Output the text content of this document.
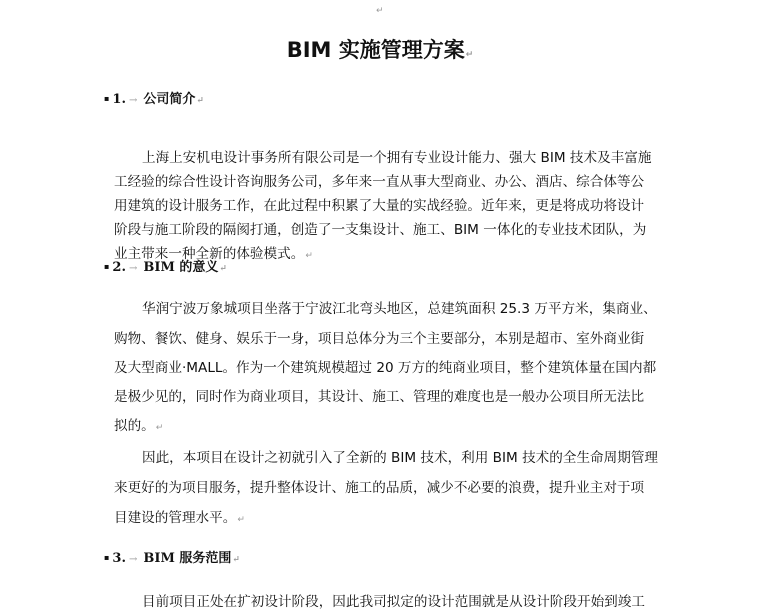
↵
BIM 实施管理方案↵
▪ 1. → 公司简介↵
上海上安机电设计事务所有限公司是一个拥有专业设计能力、强大 BIM 技术及丰富施
工经验的综合性设计咨询服务公司，多年来一直从事大型商业、办公、酒店、综合体等公
用建筑的设计服务工作，在此过程中积累了大量的实战经验。近年来，更是将成功将设计
阶段与施工阶段的隔阂打通，创造了一支集设计、施工、BIM 一体化的专业技术团队，为
业主带来一种全新的体验模式。↵
▪ 2. → BIM 的意义↵
华润宁波万象城项目坐落于宁波江北弯头地区，总建筑面积 25.3 万平方米，集商业、
购物、餐饮、健身、娱乐于一身，项目总体分为三个主要部分，本别是超市、室外商业街
及大型商业·MALL。作为一个建筑规模超过 20 万方的纯商业项目，整个建筑体量在国内都
是极少见的，同时作为商业项目，其设计、施工、管理的难度也是一般办公项目所无法比
拟的。↵
因此，本项目在设计之初就引入了全新的 BIM 技术，利用 BIM 技术的全生命周期管理
来更好的为项目服务，提升整体设计、施工的品质，减少不必要的浪费，提升业主对于项
目建设的管理水平。↵
▪ 3. → BIM 服务范围↵
目前项目正处在扩初设计阶段，因此我司拟定的设计范围就是从设计阶段开始到竣工
